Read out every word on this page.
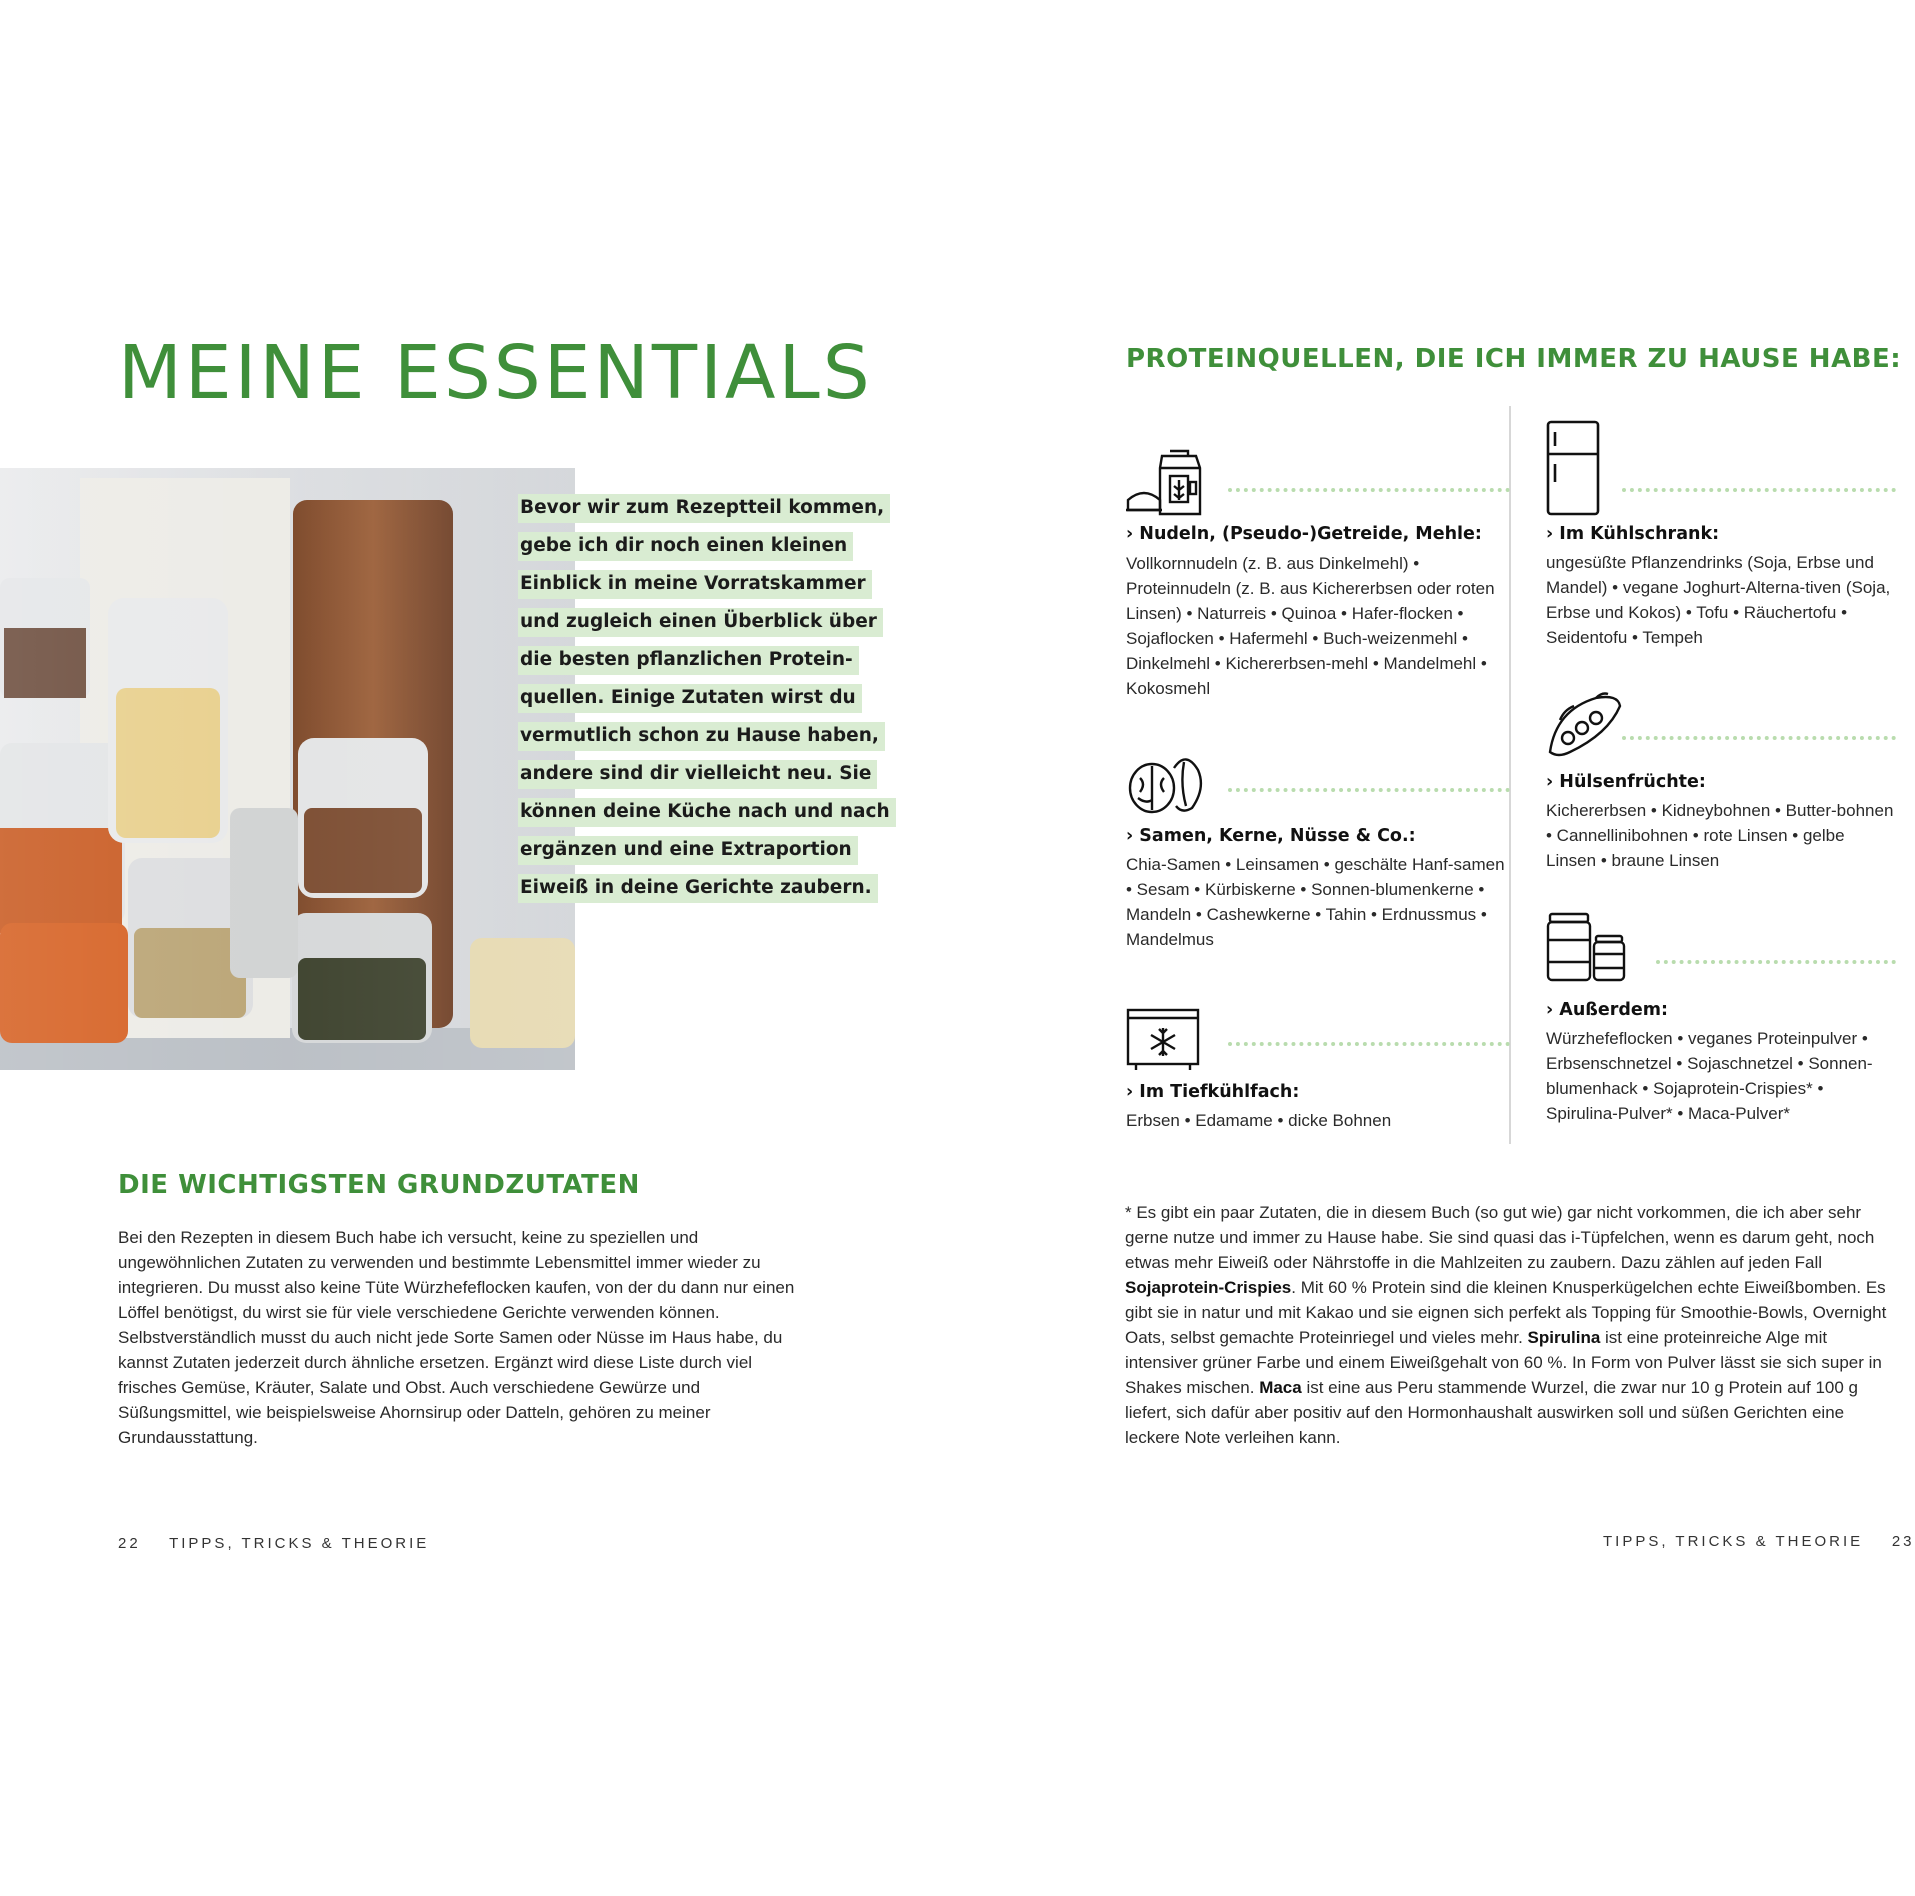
MEINE ESSENTIALS
Bevor wir zum Rezeptteil kommen,
gebe ich dir noch einen kleinen
Einblick in meine Vorratskammer
und zugleich einen Überblick über
die besten pflanzlichen Protein-
quellen. Einige Zutaten wirst du
vermutlich schon zu Hause haben,
andere sind dir vielleicht neu. Sie
können deine Küche nach und nach
ergänzen und eine Extraportion
Eiweiß in deine Gerichte zaubern.

DIE WICHTIGSTEN GRUNDZUTATEN

Bei den Rezepten in diesem Buch habe ich versucht, keine zu speziellen und ungewöhnlichen Zutaten zu verwenden und bestimmte Lebensmittel immer wieder zu integrieren. Du musst also keine Tüte Würzhefeflocken kaufen, von der du dann nur einen Löffel benötigst, du wirst sie für viele verschiedene Gerichte verwenden können. Selbstverständlich musst du auch nicht jede Sorte Samen oder Nüsse im Haus habe, du kannst Zutaten jederzeit durch ähnliche ersetzen. Ergänzt wird diese Liste durch viel frisches Gemüse, Kräuter, Salate und Obst. Auch verschiedene Gewürze und Süßungsmittel, wie beispielsweise Ahornsirup oder Datteln, gehören zu meiner Grundausstattung.

PROTEINQUELLEN, DIE ICH IMMER ZU HAUSE HABE:
› Nudeln, (Pseudo-)Getreide, Mehle:

Vollkornnudeln (z. B. aus Dinkelmehl) • Proteinnudeln (z. B. aus Kichererbsen oder roten Linsen) • Naturreis • Quinoa • Hafer-flocken • Sojaflocken • Hafermehl • Buch-weizenmehl • Dinkelmehl • Kichererbsen-mehl • Mandelmehl • Kokosmehl

› Samen, Kerne, Nüsse & Co.:

Chia-Samen • Leinsamen • geschälte Hanf-samen • Sesam • Kürbiskerne • Sonnen-blumenkerne • Mandeln • Cashewkerne • Tahin • Erdnussmus • Mandelmus

› Im Tiefkühlfach:

Erbsen • Edamame • dicke Bohnen

› Im Kühlschrank:

ungesüßte Pflanzendrinks (Soja, Erbse und Mandel) • vegane Joghurt-Alterna-tiven (Soja, Erbse und Kokos) • Tofu • Räuchertofu • Seidentofu • Tempeh

› Hülsenfrüchte:

Kichererbsen • Kidneybohnen • Butter-bohnen • Cannellinibohnen • rote Linsen • gelbe Linsen • braune Linsen

› Außerdem:

Würzhefeflocken • veganes Proteinpulver • Erbsenschnetzel • Sojaschnetzel • Sonnen-blumenhack • Sojaprotein-Crispies* • Spirulina-Pulver* • Maca-Pulver*

* Es gibt ein paar Zutaten, die in diesem Buch (so gut wie) gar nicht vorkommen, die ich aber sehr gerne nutze und immer zu Hause habe. Sie sind quasi das i-Tüpfelchen, wenn es darum geht, noch etwas mehr Eiweiß oder Nährstoffe in die Mahlzeiten zu zaubern. Dazu zählen auf jeden Fall Sojaprotein-Crispies. Mit 60 % Protein sind die kleinen Knusperkügelchen echte Eiweißbomben. Es gibt sie in natur und mit Kakao und sie eignen sich perfekt als Topping für Smoothie-Bowls, Overnight Oats, selbst gemachte Proteinriegel und vieles mehr. Spirulina ist eine proteinreiche Alge mit intensiver grüner Farbe und einem Eiweißgehalt von 60 %. In Form von Pulver lässt sie sich super in Shakes mischen. Maca ist eine aus Peru stammende Wurzel, die zwar nur 10 g Protein auf 100 g liefert, sich dafür aber positiv auf den Hormonhaushalt auswirken soll und süßen Gerichten eine leckere Note verleihen kann.

22 TIPPS, TRICKS & THEORIE	TIPPS, TRICKS & THEORIE 23
